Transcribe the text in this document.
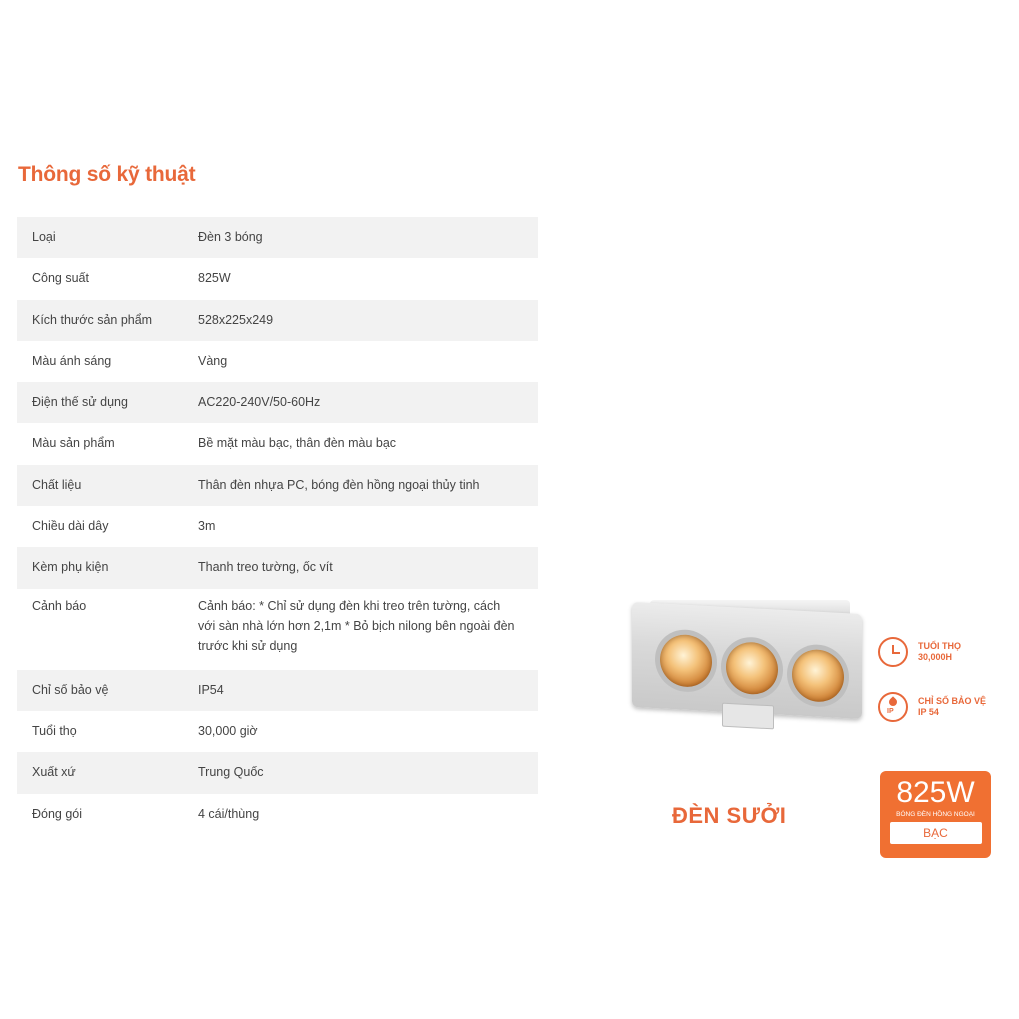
Thông số kỹ thuật
Loại	Đèn 3 bóng
Công suất	825W
Kích thước sản phẩm	528x225x249
Màu ánh sáng	Vàng
Điện thế sử dụng	AC220-240V/50-60Hz
Màu sản phẩm	Bề mặt màu bạc, thân đèn màu bạc
Chất liệu	Thân đèn nhựa PC, bóng đèn hồng ngoại thủy tinh
Chiều dài dây	3m
Kèm phụ kiện	Thanh treo tường, ốc vít
Cảnh báo	Cảnh báo: * Chỉ sử dụng đèn khi treo trên tường, cách với sàn nhà lớn hơn 2,1m * Bỏ bịch nilong bên ngoài đèn trước khi sử dụng
Chỉ số bảo vệ	IP54
Tuổi thọ	30,000 giờ
Xuất xứ	Trung Quốc
Đóng gói	4 cái/thùng
TUỔI THỌ
30,000H
IP
CHỈ SỐ BẢO VỆ
IP 54
ĐÈN SƯỞI
825W
BÓNG ĐÈN HỒNG NGOẠI
BẠC
